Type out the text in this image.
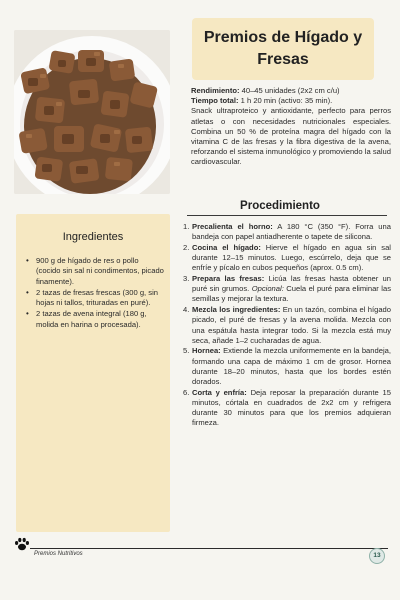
Premios de Hígado y Fresas

Rendimiento: 40–45 unidades (2x2 cm c/u)

Tiempo total: 1 h 20 min (activo: 35 min).

Snack ultraproteico y antioxidante, perfecto para perros atletas o con necesidades nutricionales especiales. Combina un 50 % de proteína magra del hígado con la vitamina C de las fresas y la fibra digestiva de la avena, reforzando el sistema inmunológico y promoviendo la salud cardiovascular.

Procedimiento
Ingredientes
• 900 g de hígado de res o pollo (cocido sin sal ni condimentos, picado finamente).
• 2 tazas de fresas frescas (300 g, sin hojas ni tallos, trituradas en puré).
• 2 tazas de avena integral (180 g, molida en harina o procesada).
1. Precalienta el horno: A 180 °C (350 °F). Forra una bandeja con papel antiadherente o tapete de silicona.
2. Cocina el hígado: Hierve el hígado en agua sin sal durante 12–15 minutos. Luego, escúrrelo, deja que se enfríe y pícalo en cubos pequeños (aprox. 0.5 cm).
3. Prepara las fresas: Licúa las fresas hasta obtener un puré sin grumos. Opcional: Cuela el puré para eliminar las semillas y mejorar la textura.
4. Mezcla los ingredientes: En un tazón, combina el hígado picado, el puré de fresas y la avena molida. Mezcla con una espátula hasta integrar todo. Si la mezcla está muy seca, añade 1–2 cucharadas de agua.
5. Hornea: Extiende la mezcla uniformemente en la bandeja, formando una capa de máximo 1 cm de grosor. Hornea durante 18–20 minutos, hasta que los bordes estén dorados.
6. Corta y enfría: Deja reposar la preparación durante 15 minutos, córtala en cuadrados de 2x2 cm y refrigera durante 30 minutos para que los premios adquieran firmeza.
Premios Nutritivos	13
